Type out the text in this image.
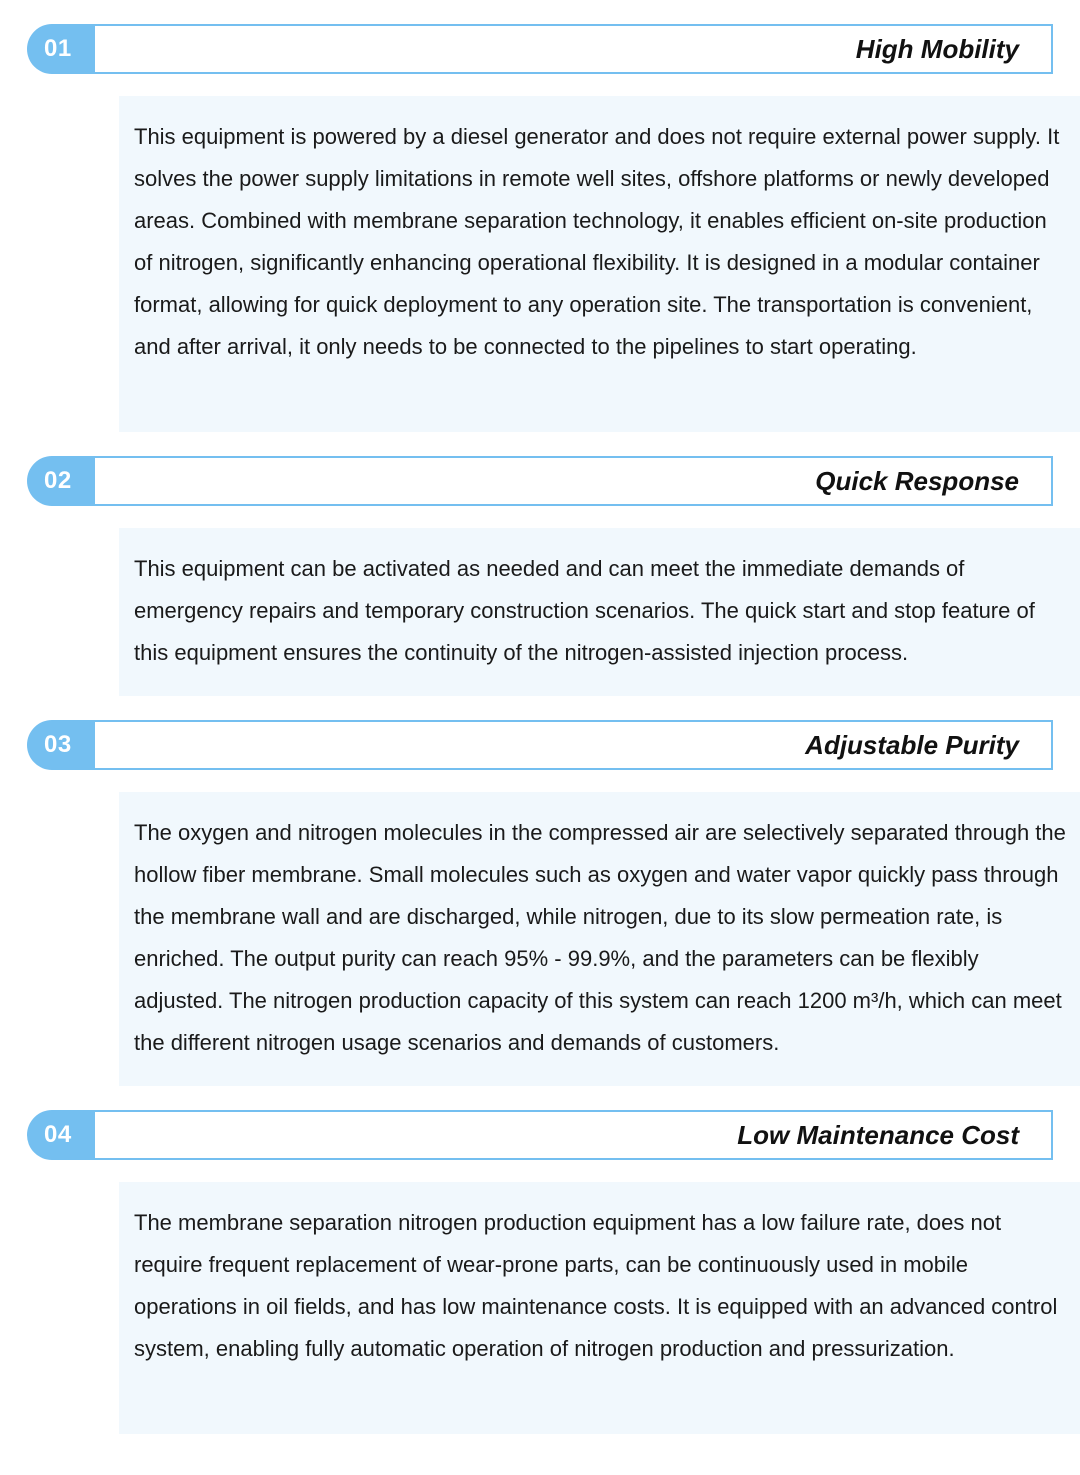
01	High Mobility

This equipment is powered by a diesel generator and does not require external power supply. It solves the power supply limitations in remote well sites, offshore platforms or newly developed areas. Combined with membrane separation technology, it enables efficient on-site production of nitrogen, significantly enhancing operational flexibility. It is designed in a modular container format, allowing for quick deployment to any operation site. The transportation is convenient, and after arrival, it only needs to be connected to the pipelines to start operating.

02	Quick Response

This equipment can be activated as needed and can meet the immediate demands of emergency repairs and temporary construction scenarios. The quick start and stop feature of this equipment ensures the continuity of the nitrogen-assisted injection process.

03	Adjustable Purity

The oxygen and nitrogen molecules in the compressed air are selectively separated through the hollow fiber membrane. Small molecules such as oxygen and water vapor quickly pass through the membrane wall and are discharged, while nitrogen, due to its slow permeation rate, is enriched. The output purity can reach 95% - 99.9%, and the parameters can be flexibly adjusted. The nitrogen production capacity of this system can reach 1200 m³/h, which can meet the different nitrogen usage scenarios and demands of customers.

04	Low Maintenance Cost

The membrane separation nitrogen production equipment has a low failure rate, does not require frequent replacement of wear-prone parts, can be continuously used in mobile operations in oil fields, and has low maintenance costs. It is equipped with an advanced control system, enabling fully automatic operation of nitrogen production and pressurization.
